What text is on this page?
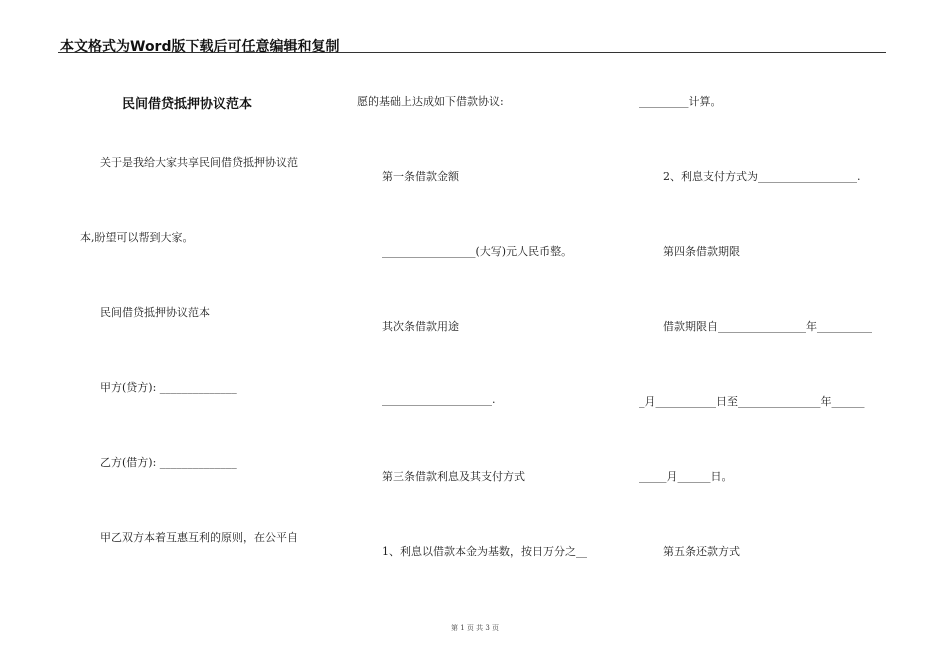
本文格式为Word版下载后可任意编辑和复制
民间借贷抵押协议范本
关于是我给大家共享民间借贷抵押协议范
本,盼望可以帮到大家。
民间借贷抵押协议范本
甲方(贷方): ______________
乙方(借方): ______________
甲乙双方本着互惠互利的原则，在公平自
愿的基础上达成如下借款协议:
第一条借款金额
_________________(大写)元人民币整。
其次条借款用途
____________________.
第三条借款利息及其支付方式
1、利息以借款本金为基数，按日万分之__
_________计算。
2、利息支付方式为__________________.
第四条借款期限
借款期限自________________年__________
_月___________日至_______________年______
_____月______日。
第五条还款方式
第 1 页 共 3 页
